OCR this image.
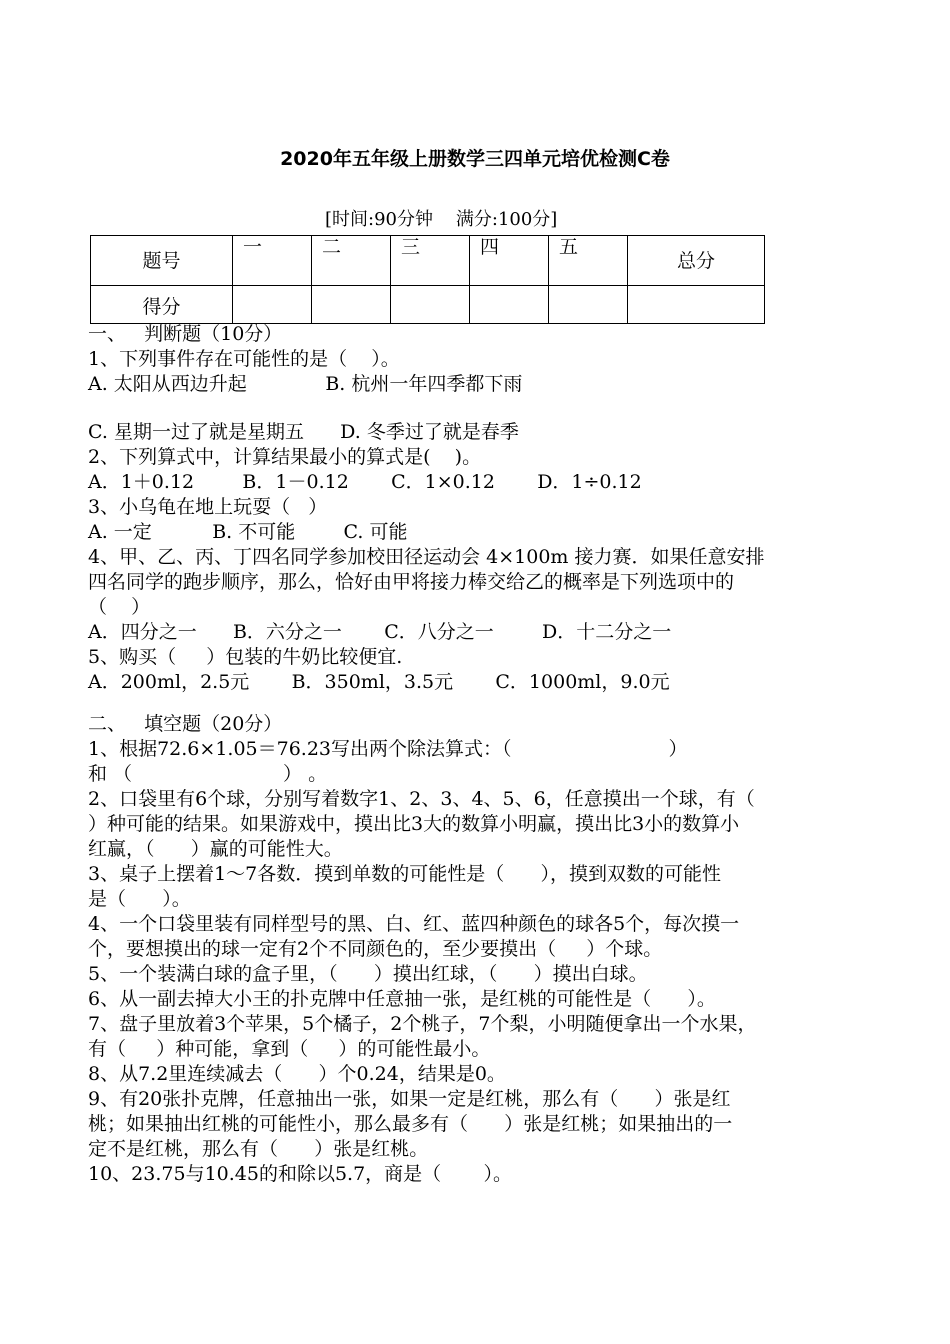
2020年五年级上册数学三四单元培优检测C卷
[时间:90分钟    满分:100分]
题号	一	二	三	四	五	总分

得分						

一、   判断题（10分）
1、下列事件存在可能性的是（    ）。
A. 太阳从西边升起             B. 杭州一年四季都下雨
C. 星期一过了就是星期五      D. 冬季过了就是春季
2、下列算式中，计算结果最小的算式是(    )。
A．1＋0.12        B．1－0.12       C．1×0.12       D．1÷0.12
3、小乌龟在地上玩耍（   ）
A. 一定          B. 不可能        C. 可能
4、甲、乙、丙、丁四名同学参加校田径运动会 4×100m 接力赛．如果任意安排
四名同学的跑步顺序，那么，恰好由甲将接力棒交给乙的概率是下列选项中的
（    ）
A．四分之一      B．六分之一       C．八分之一        D．十二分之一
5、购买（     ）包装的牛奶比较便宜.
A．200ml，2.5元       B．350ml，3.5元       C．1000ml，9.0元
二、   填空题（20分）
1、根据72.6×1.05＝76.23写出两个除法算式：（                          ）
和 （                         ） 。
2、口袋里有6个球，分别写着数字1、2、3、4、5、6，任意摸出一个球，有（
）种可能的结果。如果游戏中，摸出比3大的数算小明赢，摸出比3小的数算小
红赢，（      ）赢的可能性大。
3、桌子上摆着1～7各数．摸到单数的可能性是（      ），摸到双数的可能性
是（      ）。
4、一个口袋里装有同样型号的黑、白、红、蓝四种颜色的球各5个，每次摸一
个，要想摸出的球一定有2个不同颜色的，至少要摸出（     ）个球。
5、一个装满白球的盒子里，（      ）摸出红球，（      ）摸出白球。
6、从一副去掉大小王的扑克牌中任意抽一张，是红桃的可能性是（      ）。
7、盘子里放着3个苹果，5个橘子，2个桃子，7个梨，小明随便拿出一个水果，
有（     ）种可能，拿到（     ）的可能性最小。
8、从7.2里连续减去（      ）个0.24，结果是0。
9、有20张扑克牌，任意抽出一张，如果一定是红桃，那么有（      ）张是红
桃；如果抽出红桃的可能性小，那么最多有（      ）张是红桃；如果抽出的一
定不是红桃，那么有（      ）张是红桃。
10、23.75与10.45的和除以5.7，商是（       ）。
